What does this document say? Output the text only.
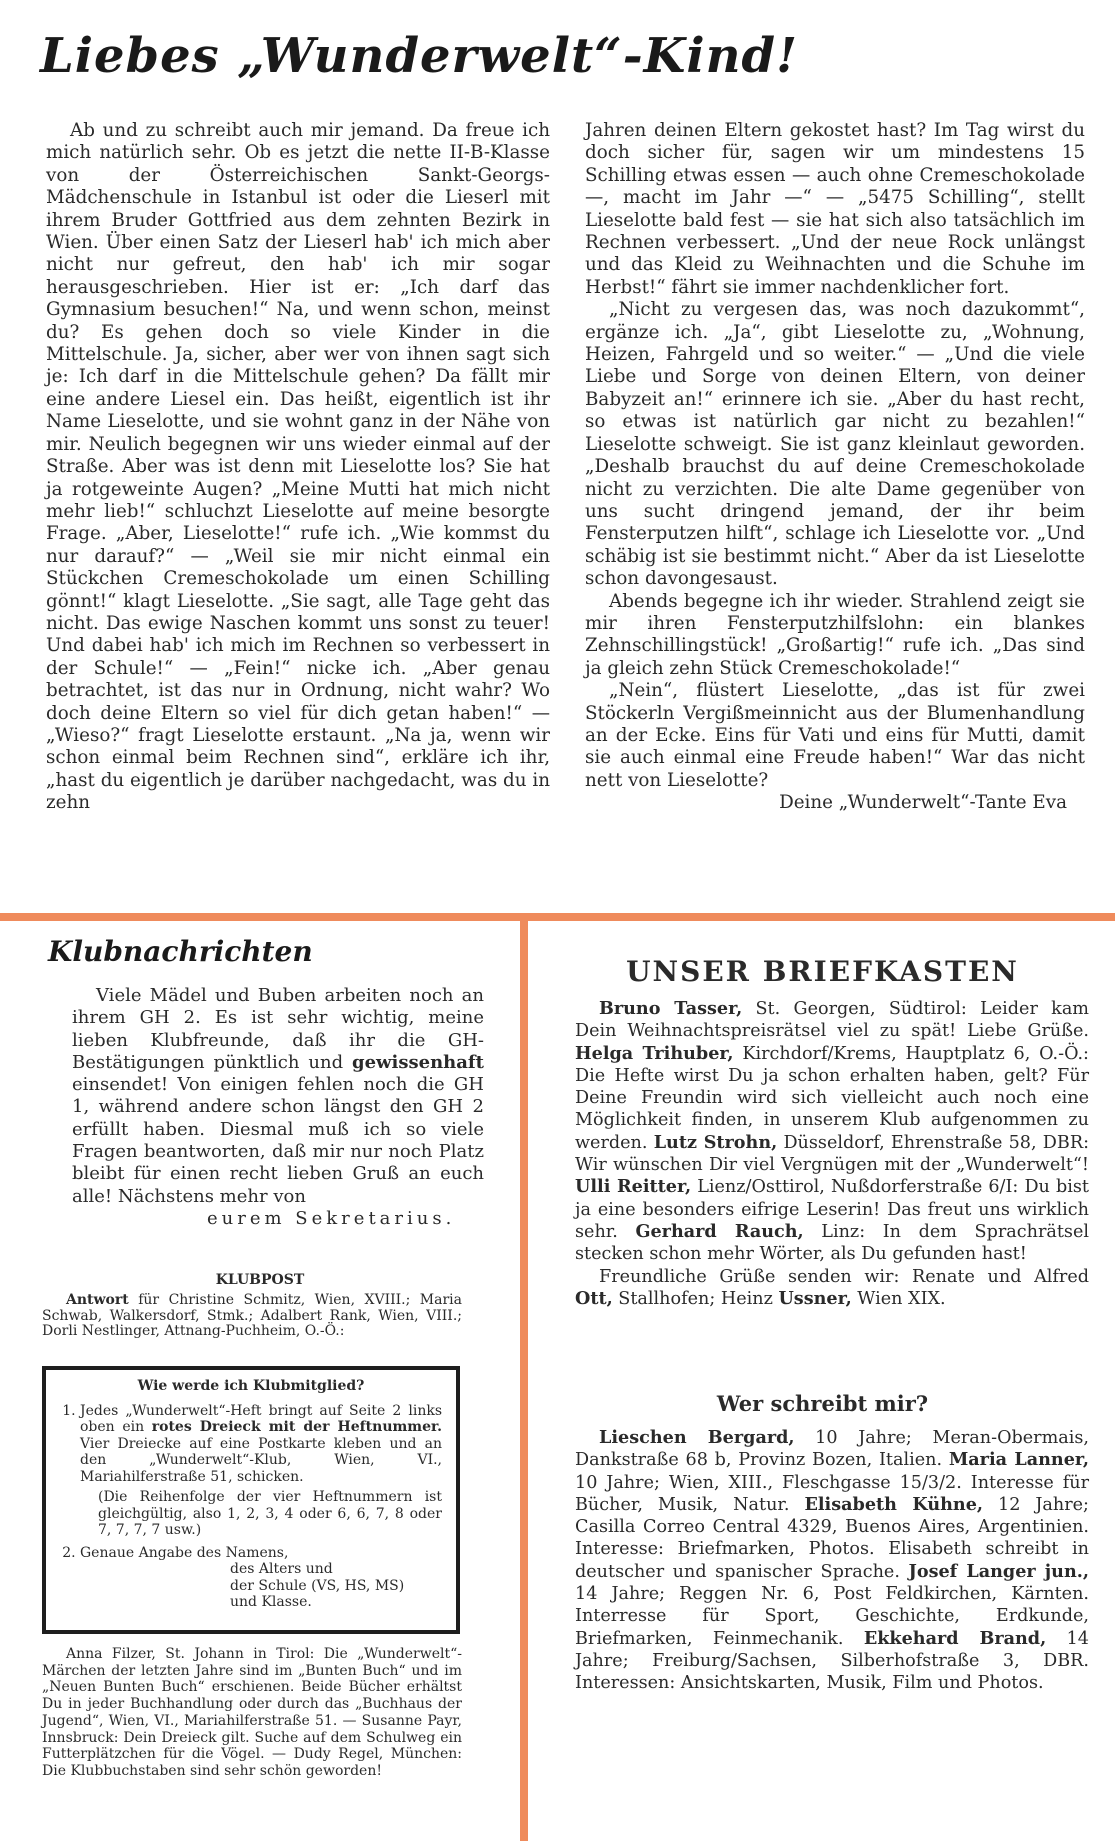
Liebes „Wunderwelt“-Kind!

Ab und zu schreibt auch mir jemand. Da freue ich mich natürlich sehr. Ob es jetzt die nette II-B-Klasse von der Österreichischen Sankt-Georgs-Mädchenschule in Istanbul ist oder die Lieserl mit ihrem Bruder Gottfried aus dem zehnten Bezirk in Wien. Über einen Satz der Lieserl hab' ich mich aber nicht nur gefreut, den hab' ich mir sogar herausgeschrieben. Hier ist er: „Ich darf das Gymnasium besuchen!“ Na, und wenn schon, meinst du? Es gehen doch so viele Kinder in die Mittelschule. Ja, sicher, aber wer von ihnen sagt sich je: Ich darf in die Mittelschule gehen? Da fällt mir eine andere Liesel ein. Das heißt, eigentlich ist ihr Name Lieselotte, und sie wohnt ganz in der Nähe von mir. Neulich begegnen wir uns wieder einmal auf der Straße. Aber was ist denn mit Lieselotte los? Sie hat ja rotgeweinte Augen? „Meine Mutti hat mich nicht mehr lieb!“ schluchzt Lieselotte auf meine besorgte Frage. „Aber, Lieselotte!“ rufe ich. „Wie kommst du nur darauf?“ — „Weil sie mir nicht einmal ein Stückchen Cremeschokolade um einen Schilling gönnt!“ klagt Lieselotte. „Sie sagt, alle Tage geht das nicht. Das ewige Naschen kommt uns sonst zu teuer! Und dabei hab' ich mich im Rechnen so verbessert in der Schule!“ — „Fein!“ nicke ich. „Aber genau betrachtet, ist das nur in Ordnung, nicht wahr? Wo doch deine Eltern so viel für dich getan haben!“ — „Wieso?“ fragt Lieselotte erstaunt. „Na ja, wenn wir schon einmal beim Rechnen sind“, erkläre ich ihr, „hast du eigentlich je darüber nachgedacht, was du in zehn

Jahren deinen Eltern gekostet hast? Im Tag wirst du doch sicher für, sagen wir um mindestens 15 Schilling etwas essen — auch ohne Cremeschokolade —, macht im Jahr —“ — „5475 Schilling“, stellt Lieselotte bald fest — sie hat sich also tatsächlich im Rechnen verbessert. „Und der neue Rock unlängst und das Kleid zu Weihnachten und die Schuhe im Herbst!“ fährt sie immer nachdenklicher fort.

„Nicht zu vergesen das, was noch dazukommt“, ergänze ich. „Ja“, gibt Lieselotte zu, „Wohnung, Heizen, Fahrgeld und so weiter.“ — „Und die viele Liebe und Sorge von deinen Eltern, von deiner Babyzeit an!“ erinnere ich sie. „Aber du hast recht, so etwas ist natürlich gar nicht zu bezahlen!“ Lieselotte schweigt. Sie ist ganz kleinlaut geworden. „Deshalb brauchst du auf deine Cremeschokolade nicht zu verzichten. Die alte Dame gegenüber von uns sucht dringend jemand, der ihr beim Fensterputzen hilft“, schlage ich Lieselotte vor. „Und schäbig ist sie bestimmt nicht.“ Aber da ist Lieselotte schon davongesaust.

Abends begegne ich ihr wieder. Strahlend zeigt sie mir ihren Fensterputzhilfslohn: ein blankes Zehnschillingstück! „Großartig!“ rufe ich. „Das sind ja gleich zehn Stück Cremeschokolade!“

„Nein“, flüstert Lieselotte, „das ist für zwei Stöckerln Vergißmeinnicht aus der Blumenhandlung an der Ecke. Eins für Vati und eins für Mutti, damit sie auch einmal eine Freude haben!“ War das nicht nett von Lieselotte?

Deine „Wunderwelt“-Tante Eva
Klubnachrichten

Viele Mädel und Buben arbeiten noch an ihrem GH 2. Es ist sehr wichtig, meine lieben Klubfreunde, daß ihr die GH-Bestätigungen pünktlich und gewissenhaft einsendet! Von einigen fehlen noch die GH 1, während andere schon längst den GH 2 erfüllt haben. Diesmal muß ich so viele Fragen beantworten, daß mir nur noch Platz bleibt für einen recht lieben Gruß an euch alle! Nächstens mehr von

eurem Sekretarius.
KLUBPOST

Antwort für Christine Schmitz, Wien, XVIII.; Maria Schwab, Walkersdorf, Stmk.; Adalbert Rank, Wien, VIII.; Dorli Nestlinger, Attnang-Puchheim, O.-Ö.:

Wie werde ich Klubmitglied?
1. Jedes „Wunderwelt“-Heft bringt auf Seite 2 links oben ein rotes Dreieck mit der Heftnummer. Vier Dreiecke auf eine Postkarte kleben und an den „Wunderwelt“-Klub, Wien, VI., Mariahilferstraße 51, schicken.
(Die Reihenfolge der vier Heftnummern ist gleichgültig, also 1, 2, 3, 4 oder 6, 6, 7, 8 oder 7, 7, 7, 7 usw.)
2. Genaue Angabe des Namens,
des Alters und
der Schule (VS, HS, MS)
und Klasse.

Anna Filzer, St. Johann in Tirol: Die „Wunderwelt“-Märchen der letzten Jahre sind im „Bunten Buch“ und im „Neuen Bunten Buch“ erschienen. Beide Bücher erhältst Du in jeder Buchhandlung oder durch das „Buchhaus der Jugend“, Wien, VI., Mariahilferstraße 51. — Susanne Payr, Innsbruck: Dein Dreieck gilt. Suche auf dem Schulweg ein Futterplätzchen für die Vögel. — Dudy Regel, München: Die Klubbuchstaben sind sehr schön geworden!

UNSER BRIEFKASTEN

Bruno Tasser, St. Georgen, Südtirol: Leider kam Dein Weihnachtspreisrätsel viel zu spät! Liebe Grüße. Helga Trihuber, Kirchdorf/Krems, Hauptplatz 6, O.-Ö.: Die Hefte wirst Du ja schon erhalten haben, gelt? Für Deine Freundin wird sich vielleicht auch noch eine Möglichkeit finden, in unserem Klub aufgenommen zu werden. Lutz Strohn, Düsseldorf, Ehrenstraße 58, DBR: Wir wünschen Dir viel Vergnügen mit der „Wunderwelt“! Ulli Reitter, Lienz/Osttirol, Nußdorferstraße 6/I: Du bist ja eine besonders eifrige Leserin! Das freut uns wirklich sehr. Gerhard Rauch, Linz: In dem Sprachrätsel stecken schon mehr Wörter, als Du gefunden hast!

Freundliche Grüße senden wir: Renate und Alfred Ott, Stallhofen; Heinz Ussner, Wien XIX.

Wer schreibt mir?

Lieschen Bergard, 10 Jahre; Meran-Obermais, Dankstraße 68 b, Provinz Bozen, Italien. Maria Lanner, 10 Jahre; Wien, XIII., Fleschgasse 15/3/2. Interesse für Bücher, Musik, Natur. Elisabeth Kühne, 12 Jahre; Casilla Correo Central 4329, Buenos Aires, Argentinien. Interesse: Briefmarken, Photos. Elisabeth schreibt in deutscher und spanischer Sprache. Josef Langer jun., 14 Jahre; Reggen Nr. 6, Post Feldkirchen, Kärnten. Interresse für Sport, Geschichte, Erdkunde, Briefmarken, Feinmechanik. Ekkehard Brand, 14 Jahre; Freiburg/Sachsen, Silberhofstraße 3, DBR. Interessen: Ansichtskarten, Musik, Film und Photos.
